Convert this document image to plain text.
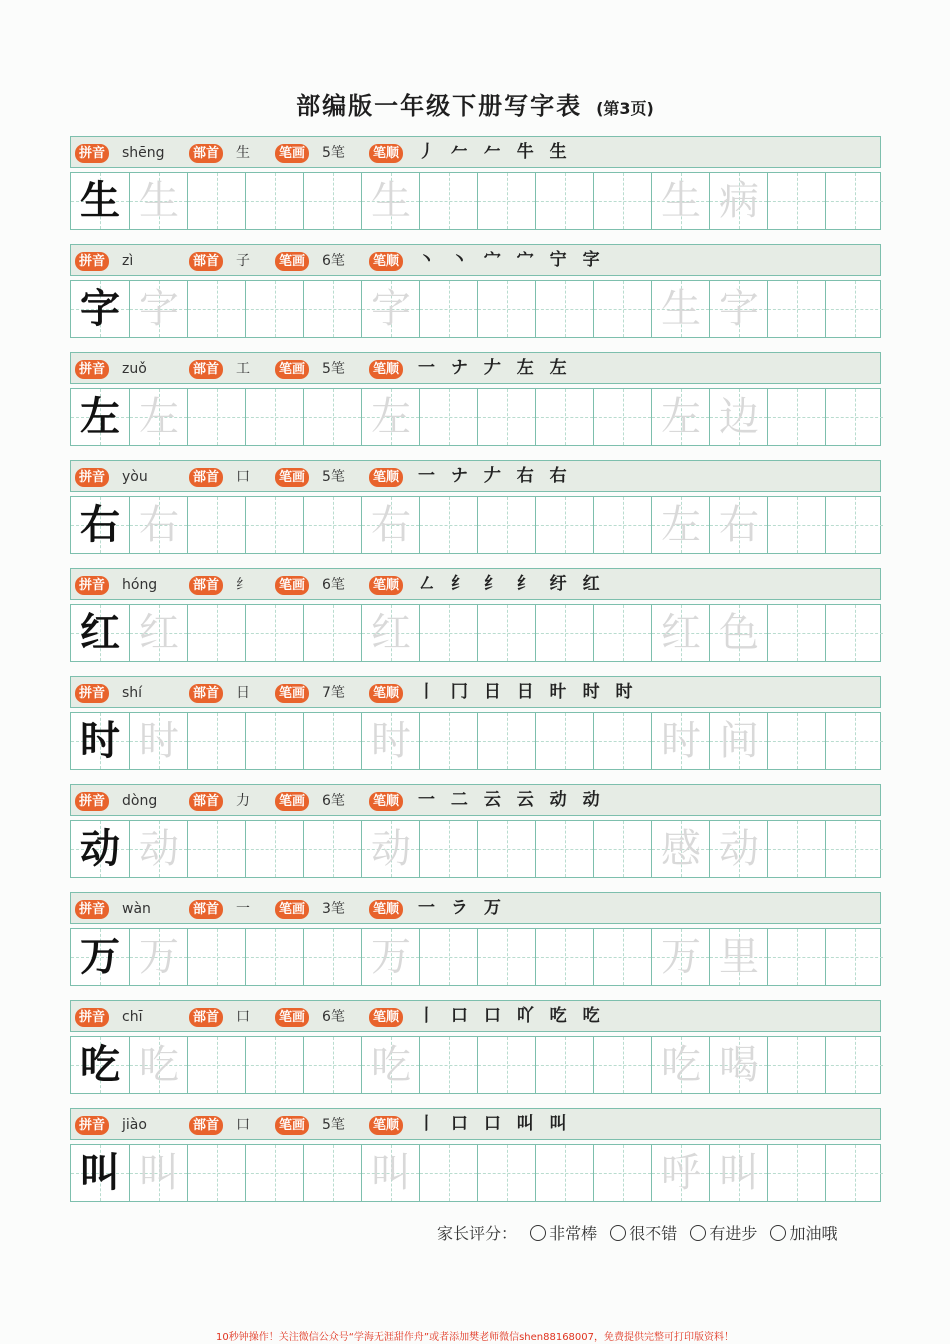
部编版一年级下册写字表 (第3页)
拼音 shēng	部首 生	笔画 5笔	笔顺 丿 𠂉 𠂉 牛 生
生 生	生	生 病
拼音 zì	部首 子	笔画 6笔	笔顺 丶 丶 宀 宀 宁 字
字 字	字	生 字
拼音 zuǒ	部首 工	笔画 5笔	笔顺 一 ナ 𠂇 左 左
左 左	左	左 边
拼音 yòu	部首 口	笔画 5笔	笔顺 一 ナ 𠂇 右 右
右 右	右	左 右
拼音 hóng	部首 纟	笔画 6笔	笔顺 ㇜ 纟 纟 纟 纡 红
红 红	红	红 色
拼音 shí	部首 日	笔画 7笔	笔顺 丨 冂 日 日 旪 时 时
时 时	时	时 间
拼音 dòng	部首 力	笔画 6笔	笔顺 一 二 云 云 动 动
动 动	动	感 动
拼音 wàn	部首 一	笔画 3笔	笔顺 一 ラ 万
万 万	万	万 里
拼音 chī	部首 口	笔画 6笔	笔顺 丨 口 口 吖 吃 吃
吃 吃	吃	吃 喝
拼音 jiào	部首 口	笔画 5笔	笔顺 丨 口 口 叫 叫
叫 叫	叫	呼 叫
家长评分： 非常棒 很不错 有进步 加油哦
10秒钟操作！关注微信公众号“学海无涯甜作舟”或者添加樊老师微信shen88168007，免费提供完整可打印版资料！
